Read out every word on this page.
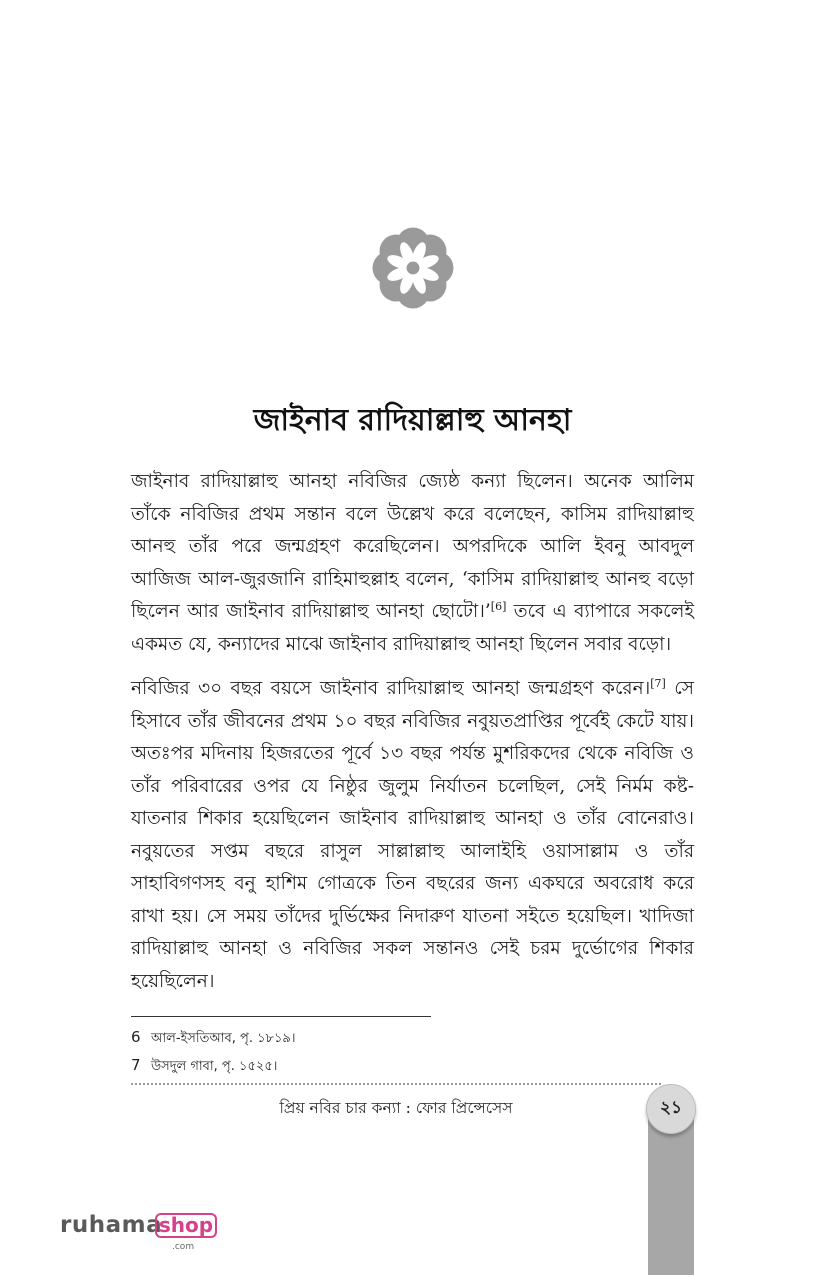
জাইনাব রাদিয়াল্লাহু আনহা

জাইনাব রাদিয়াল্লাহু আনহা নবিজির জ্যেষ্ঠ কন্যা ছিলেন। অনেক আলিম তাঁকে নবিজির প্রথম সন্তান বলে উল্লেখ করে বলেছেন, কাসিম রাদিয়াল্লাহু আনহু তাঁর পরে জন্মগ্রহণ করেছিলেন। অপরদিকে আলি ইবনু আবদুল আজিজ আল-জুরজানি রাহিমাহুল্লাহ বলেন, ‘কাসিম রাদিয়াল্লাহু আনহু বড়ো ছিলেন আর জাইনাব রাদিয়াল্লাহু আনহা ছোটো।’[6] তবে এ ব্যাপারে সকলেই একমত যে, কন্যাদের মাঝে জাইনাব রাদিয়াল্লাহু আনহা ছিলেন সবার বড়ো।

নবিজির ৩০ বছর বয়সে জাইনাব রাদিয়াল্লাহু আনহা জন্মগ্রহণ করেন।[7] সে হিসাবে তাঁর জীবনের প্রথম ১০ বছর নবিজির নবুয়তপ্রাপ্তির পূর্বেই কেটে যায়। অতঃপর মদিনায় হিজরতের পূর্বে ১৩ বছর পর্যন্ত মুশরিকদের থেকে নবিজি ও তাঁর পরিবারের ওপর যে নিষ্ঠুর জুলুম নির্যাতন চলেছিল, সেই নির্মম কষ্ট-যাতনার শিকার হয়েছিলেন জাইনাব রাদিয়াল্লাহু আনহা ও তাঁর বোনেরাও। নবুয়তের সপ্তম বছরে রাসুল সাল্লাল্লাহু আলাইহি ওয়াসাল্লাম ও তাঁর সাহাবিগণসহ বনু হাশিম গোত্রকে তিন বছরের জন্য একঘরে অবরোধ করে রাখা হয়। সে সময় তাঁদের দুর্ভিক্ষের নিদারুণ যাতনা সইতে হয়েছিল। খাদিজা রাদিয়াল্লাহু আনহা ও নবিজির সকল সন্তানও সেই চরম দুর্ভোগের শিকার হয়েছিলেন।

6 আল-ইসতিআব, পৃ. ১৮১৯।
7 উসদুল গাবা, পৃ. ১৫২৫।
প্রিয় নবির চার কন্যা : ফোর প্রিন্সেসেস	২১
ruhama
shop
.com
